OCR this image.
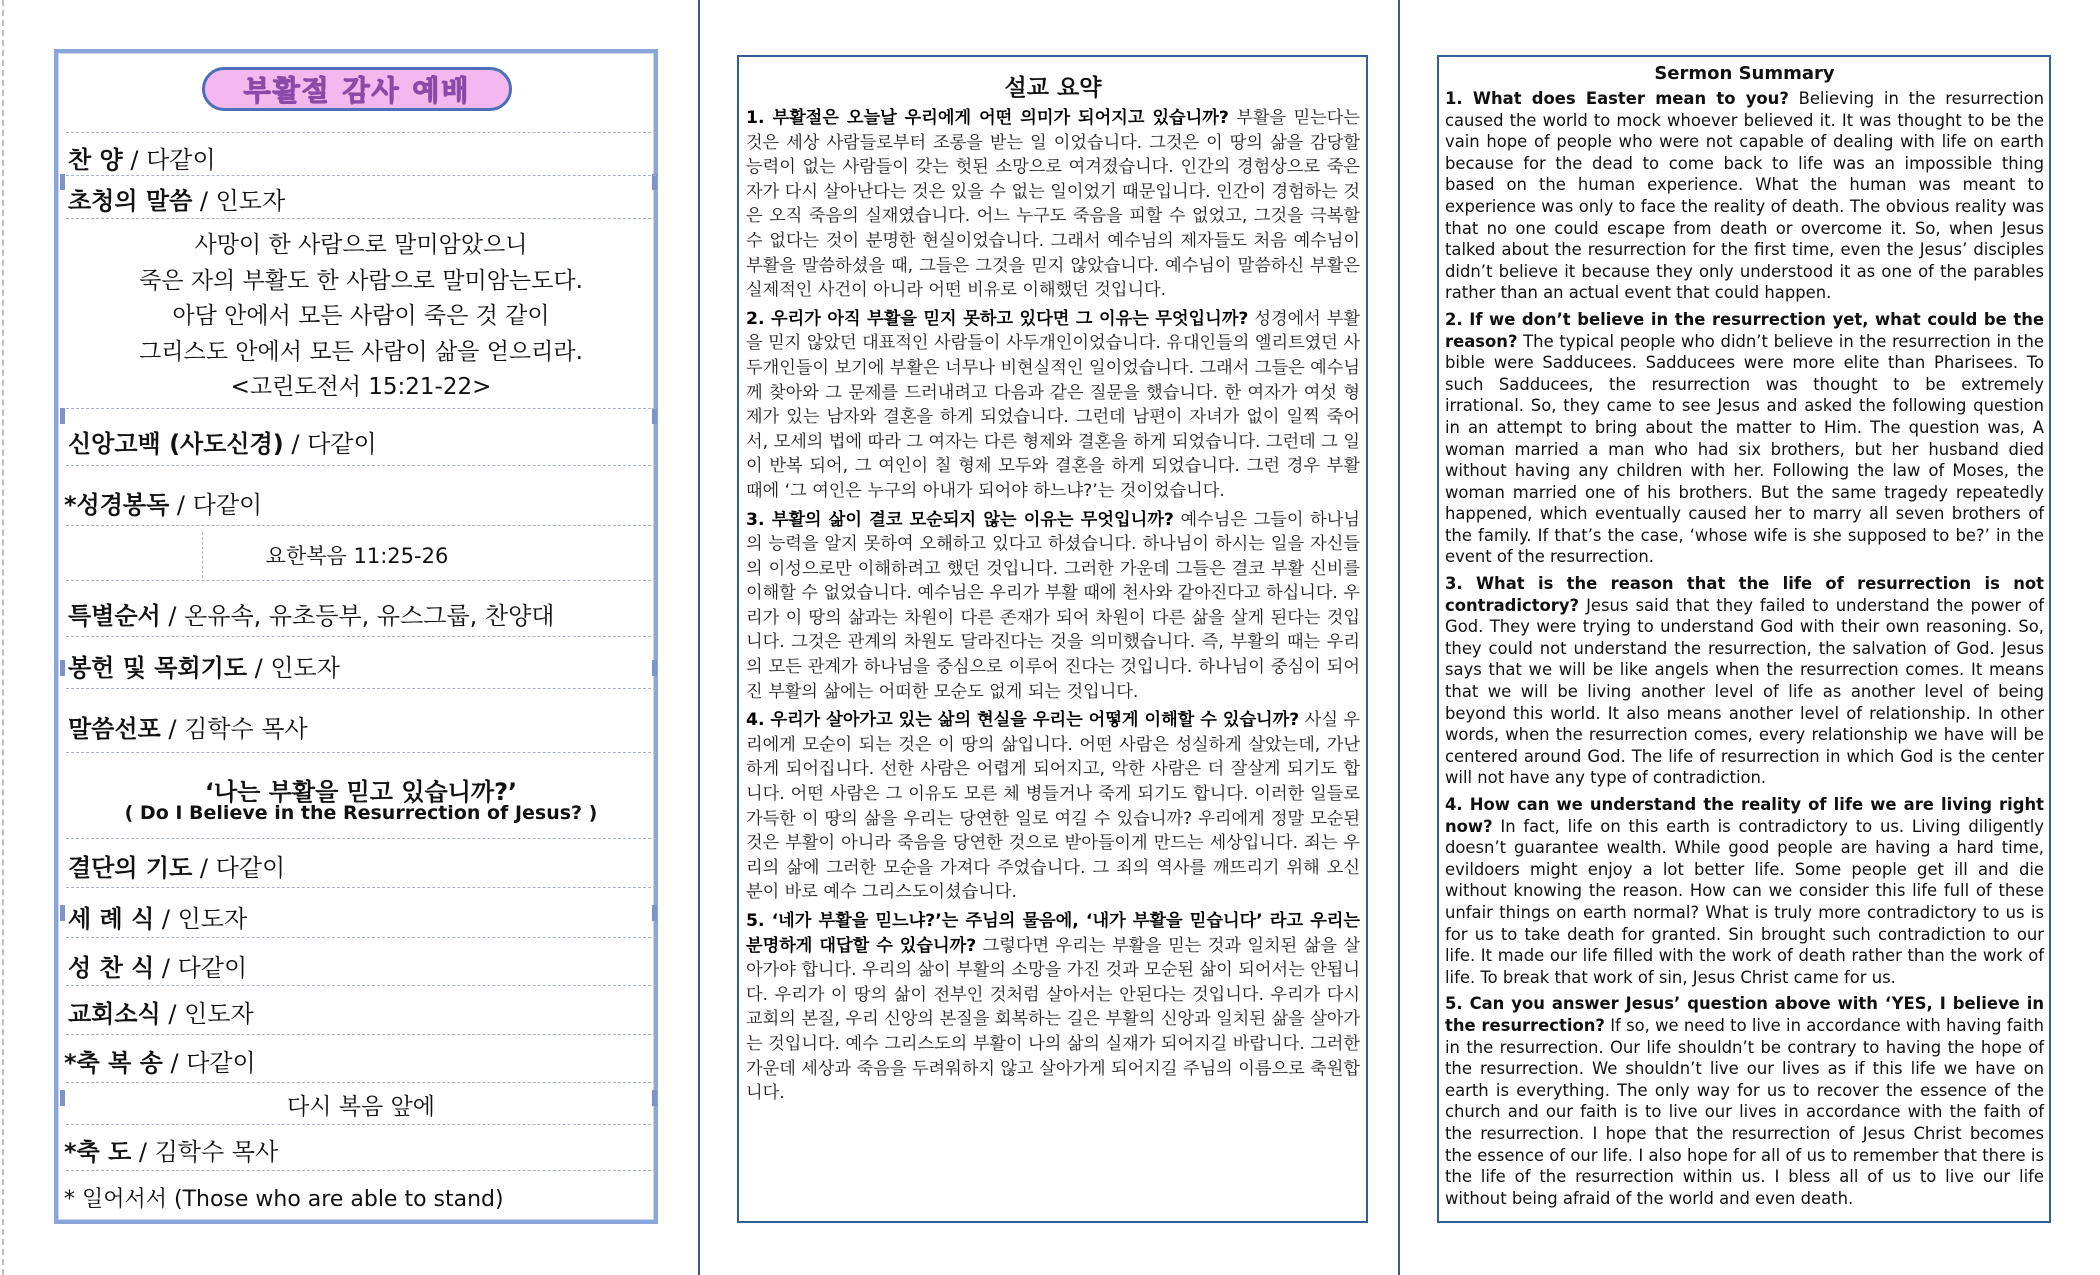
부활절 감사 예배
찬 양 / 다같이
초청의 말씀 / 인도자
사망이 한 사람으로 말미암았으니
죽은 자의 부활도 한 사람으로 말미암는도다.
아담 안에서 모든 사람이 죽은 것 같이
그리스도 안에서 모든 사람이 삶을 얻으리라.
<고린도전서 15:21-22>
신앙고백 (사도신경) / 다같이
*성경봉독 / 다같이
요한복음 11:25-26
특별순서 / 온유속, 유초등부, 유스그룹, 찬양대
봉헌 및 목회기도 / 인도자
말씀선포 / 김학수 목사
‘나는 부활을 믿고 있습니까?’
( Do I Believe in the Resurrection of Jesus? )
결단의 기도 / 다같이
세 례 식 / 인도자
성 찬 식 / 다같이
교회소식 / 인도자
*축 복 송 / 다같이
다시 복음 앞에
*축 도 / 김학수 목사
* 일어서서 (Those who are able to stand)
설교 요약

1. 부활절은 오늘날 우리에게 어떤 의미가 되어지고 있습니까? 부활을 믿는다는 것은 세상 사람들로부터 조롱을 받는 일 이었습니다. 그것은 이 땅의 삶을 감당할 능력이 없는 사람들이 갖는 헛된 소망으로 여겨졌습니다. 인간의 경험상으로 죽은 자가 다시 살아난다는 것은 있을 수 없는 일이었기 때문입니다. 인간이 경험하는 것은 오직 죽음의 실재였습니다. 어느 누구도 죽음을 피할 수 없었고, 그것을 극복할 수 없다는 것이 분명한 현실이었습니다. 그래서 예수님의 제자들도 처음 예수님이 부활을 말씀하셨을 때, 그들은 그것을 믿지 않았습니다. 예수님이 말씀하신 부활은 실제적인 사건이 아니라 어떤 비유로 이해했던 것입니다.

2. 우리가 아직 부활을 믿지 못하고 있다면 그 이유는 무엇입니까? 성경에서 부활을 믿지 않았던 대표적인 사람들이 사두개인이었습니다. 유대인들의 엘리트였던 사두개인들이 보기에 부활은 너무나 비현실적인 일이었습니다. 그래서 그들은 예수님께 찾아와 그 문제를 드러내려고 다음과 같은 질문을 했습니다. 한 여자가 여섯 형제가 있는 남자와 결혼을 하게 되었습니다. 그런데 남편이 자녀가 없이 일찍 죽어서, 모세의 법에 따라 그 여자는 다른 형제와 결혼을 하게 되었습니다. 그런데 그 일이 반복 되어, 그 여인이 칠 형제 모두와 결혼을 하게 되었습니다. 그런 경우 부활 때에 ‘그 여인은 누구의 아내가 되어야 하느냐?’는 것이었습니다.

3. 부활의 삶이 결코 모순되지 않는 이유는 무엇입니까? 예수님은 그들이 하나님의 능력을 알지 못하여 오해하고 있다고 하셨습니다. 하나님이 하시는 일을 자신들의 이성으로만 이해하려고 했던 것입니다. 그러한 가운데 그들은 결코 부활 신비를 이해할 수 없었습니다. 예수님은 우리가 부활 때에 천사와 같아진다고 하십니다. 우리가 이 땅의 삶과는 차원이 다른 존재가 되어 차원이 다른 삶을 살게 된다는 것입니다. 그것은 관계의 차원도 달라진다는 것을 의미했습니다. 즉, 부활의 때는 우리의 모든 관계가 하나님을 중심으로 이루어 진다는 것입니다. 하나님이 중심이 되어진 부활의 삶에는 어떠한 모순도 없게 되는 것입니다.

4. 우리가 살아가고 있는 삶의 현실을 우리는 어떻게 이해할 수 있습니까? 사실 우리에게 모순이 되는 것은 이 땅의 삶입니다. 어떤 사람은 성실하게 살았는데, 가난하게 되어집니다. 선한 사람은 어렵게 되어지고, 악한 사람은 더 잘살게 되기도 합니다. 어떤 사람은 그 이유도 모른 체 병들거나 죽게 되기도 합니다. 이러한 일들로 가득한 이 땅의 삶을 우리는 당연한 일로 여길 수 있습니까? 우리에게 정말 모순된 것은 부활이 아니라 죽음을 당연한 것으로 받아들이게 만드는 세상입니다. 죄는 우리의 삶에 그러한 모순을 가져다 주었습니다. 그 죄의 역사를 깨뜨리기 위해 오신 분이 바로 예수 그리스도이셨습니다.

5. ‘네가 부활을 믿느냐?’는 주님의 물음에, ‘내가 부활을 믿습니다’ 라고 우리는 분명하게 대답할 수 있습니까? 그렇다면 우리는 부활을 믿는 것과 일치된 삶을 살아가야 합니다. 우리의 삶이 부활의 소망을 가진 것과 모순된 삶이 되어서는 안됩니다. 우리가 이 땅의 삶이 전부인 것처럼 살아서는 안된다는 것입니다. 우리가 다시 교회의 본질, 우리 신앙의 본질을 회복하는 길은 부활의 신앙과 일치된 삶을 살아가는 것입니다. 예수 그리스도의 부활이 나의 삶의 실재가 되어지길 바랍니다. 그러한 가운데 세상과 죽음을 두려워하지 않고 살아가게 되어지길 주님의 이름으로 축원합니다.

Sermon Summary

1. What does Easter mean to you? Believing in the resurrection caused the world to mock whoever believed it. It was thought to be the vain hope of people who were not capable of dealing with life on earth because for the dead to come back to life was an impossible thing based on the human experience. What the human was meant to experience was only to face the reality of death. The obvious reality was that no one could escape from death or overcome it. So, when Jesus talked about the resurrection for the first time, even the Jesus’ disciples didn’t believe it because they only understood it as one of the parables rather than an actual event that could happen.

2. If we don’t believe in the resurrection yet, what could be the reason? The typical people who didn’t believe in the resurrection in the bible were Sadducees. Sadducees were more elite than Pharisees. To such Sadducees, the resurrection was thought to be extremely irrational. So, they came to see Jesus and asked the following question in an attempt to bring about the matter to Him. The question was, A woman married a man who had six brothers, but her husband died without having any children with her. Following the law of Moses, the woman married one of his brothers. But the same tragedy repeatedly happened, which eventually caused her to marry all seven brothers of the family. If that’s the case, ‘whose wife is she supposed to be?’ in the event of the resurrection.

3. What is the reason that the life of resurrection is not contradictory? Jesus said that they failed to understand the power of God. They were trying to understand God with their own reasoning. So, they could not understand the resurrection, the salvation of God. Jesus says that we will be like angels when the resurrection comes. It means that we will be living another level of life as another level of being beyond this world. It also means another level of relationship. In other words, when the resurrection comes, every relationship we have will be centered around God. The life of resurrection in which God is the center will not have any type of contradiction.

4. How can we understand the reality of life we are living right now? In fact, life on this earth is contradictory to us. Living diligently doesn’t guarantee wealth. While good people are having a hard time, evildoers might enjoy a lot better life. Some people get ill and die without knowing the reason. How can we consider this life full of these unfair things on earth normal? What is truly more contradictory to us is for us to take death for granted. Sin brought such contradiction to our life. It made our life filled with the work of death rather than the work of life. To break that work of sin, Jesus Christ came for us.

5. Can you answer Jesus’ question above with ‘YES, I believe in the resurrection? If so, we need to live in accordance with having faith in the resurrection. Our life shouldn’t be contrary to having the hope of the resurrection. We shouldn’t live our lives as if this life we have on earth is everything. The only way for us to recover the essence of the church and our faith is to live our lives in accordance with the faith of the resurrection. I hope that the resurrection of Jesus Christ becomes the essence of our life. I also hope for all of us to remember that there is the life of the resurrection within us. I bless all of us to live our life without being afraid of the world and even death.
